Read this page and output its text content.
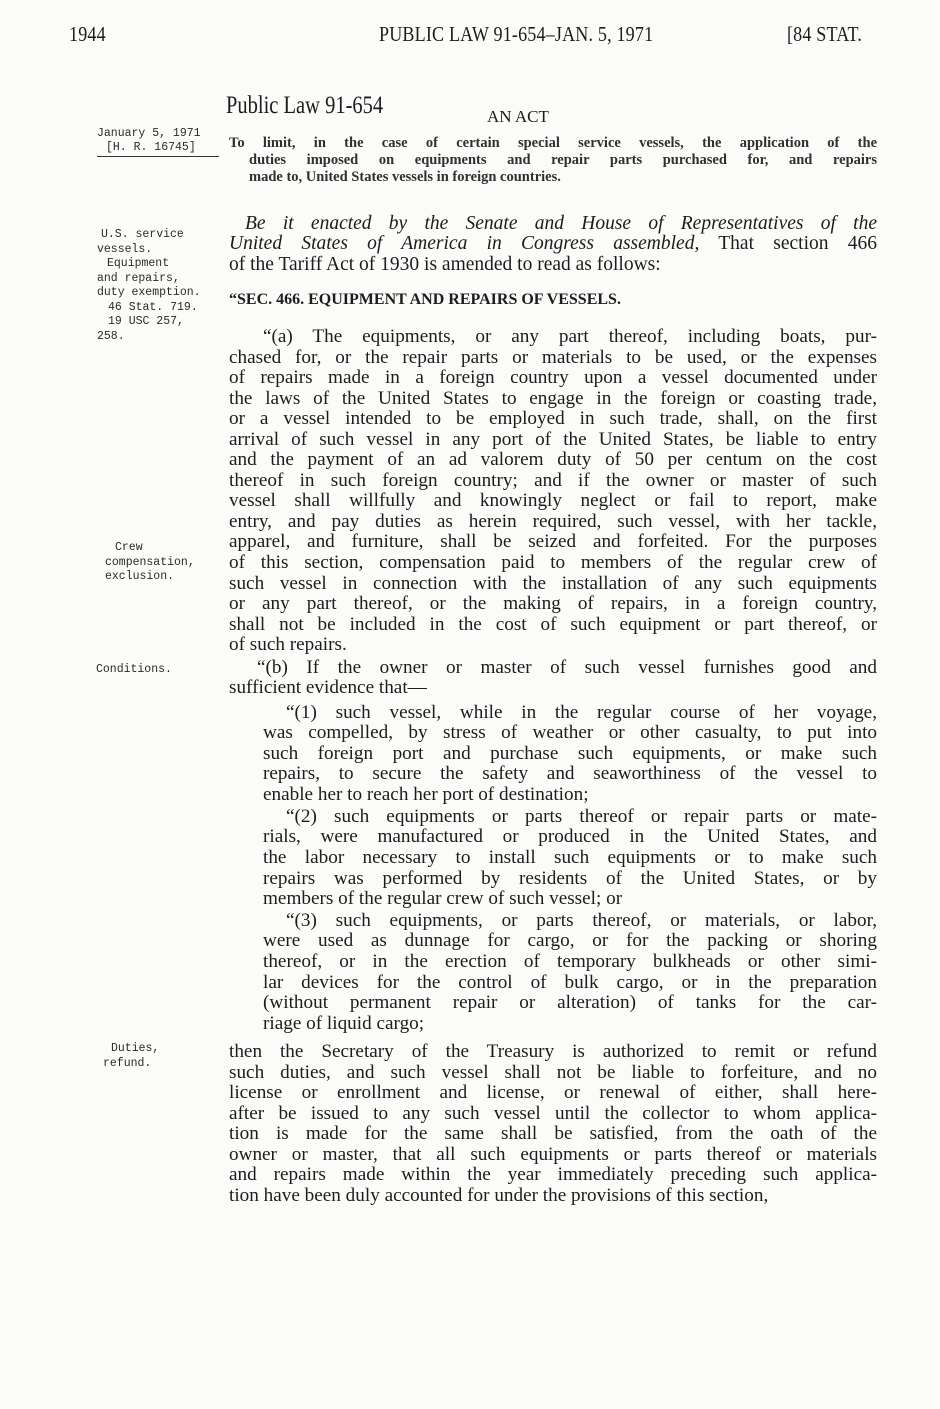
1944	PUBLIC LAW 91-654–JAN. 5, 1971	[84 STAT.
Public Law 91-654	AN ACT
January 5, 1971
[H. R. 16745] To limit, in the case of certain special service vessels, the application of the
duties imposed on equipments and repair parts purchased for, and repairs
made to, United States vessels in foreign countries.
U.S. service
vessels.
Equipment
and repairs,
duty exemption.
46 Stat. 719.
19 USC 257,
258.
Crew
compensation,
exclusion.
Conditions.
Duties,
refund.
Be it enacted by the Senate and House of Representatives of the
United States of America in Congress assembled, That section 466
of the Tariff Act of 1930 is amended to read as follows:
“SEC. 466. EQUIPMENT AND REPAIRS OF VESSELS.
“(a) The equipments, or any part thereof, including boats, pur-
chased for, or the repair parts or materials to be used, or the expenses
of repairs made in a foreign country upon a vessel documented under
the laws of the United States to engage in the foreign or coasting trade,
or a vessel intended to be employed in such trade, shall, on the first
arrival of such vessel in any port of the United States, be liable to entry
and the payment of an ad valorem duty of 50 per centum on the cost
thereof in such foreign country; and if the owner or master of such
vessel shall willfully and knowingly neglect or fail to report, make
entry, and pay duties as herein required, such vessel, with her tackle,
apparel, and furniture, shall be seized and forfeited. For the purposes
of this section, compensation paid to members of the regular crew of
such vessel in connection with the installation of any such equipments
or any part thereof, or the making of repairs, in a foreign country,
shall not be included in the cost of such equipment or part thereof, or
of such repairs.
“(b) If the owner or master of such vessel furnishes good and
sufficient evidence that—
“(1) such vessel, while in the regular course of her voyage,
was compelled, by stress of weather or other casualty, to put into
such foreign port and purchase such equipments, or make such
repairs, to secure the safety and seaworthiness of the vessel to
enable her to reach her port of destination;
“(2) such equipments or parts thereof or repair parts or mate-
rials, were manufactured or produced in the United States, and
the labor necessary to install such equipments or to make such
repairs was performed by residents of the United States, or by
members of the regular crew of such vessel; or
“(3) such equipments, or parts thereof, or materials, or labor,
were used as dunnage for cargo, or for the packing or shoring
thereof, or in the erection of temporary bulkheads or other simi-
lar devices for the control of bulk cargo, or in the preparation
(without permanent repair or alteration) of tanks for the car-
riage of liquid cargo;
then the Secretary of the Treasury is authorized to remit or refund
such duties, and such vessel shall not be liable to forfeiture, and no
license or enrollment and license, or renewal of either, shall here-
after be issued to any such vessel until the collector to whom applica-
tion is made for the same shall be satisfied, from the oath of the
owner or master, that all such equipments or parts thereof or materials
and repairs made within the year immediately preceding such applica-
tion have been duly accounted for under the provisions of this section,
